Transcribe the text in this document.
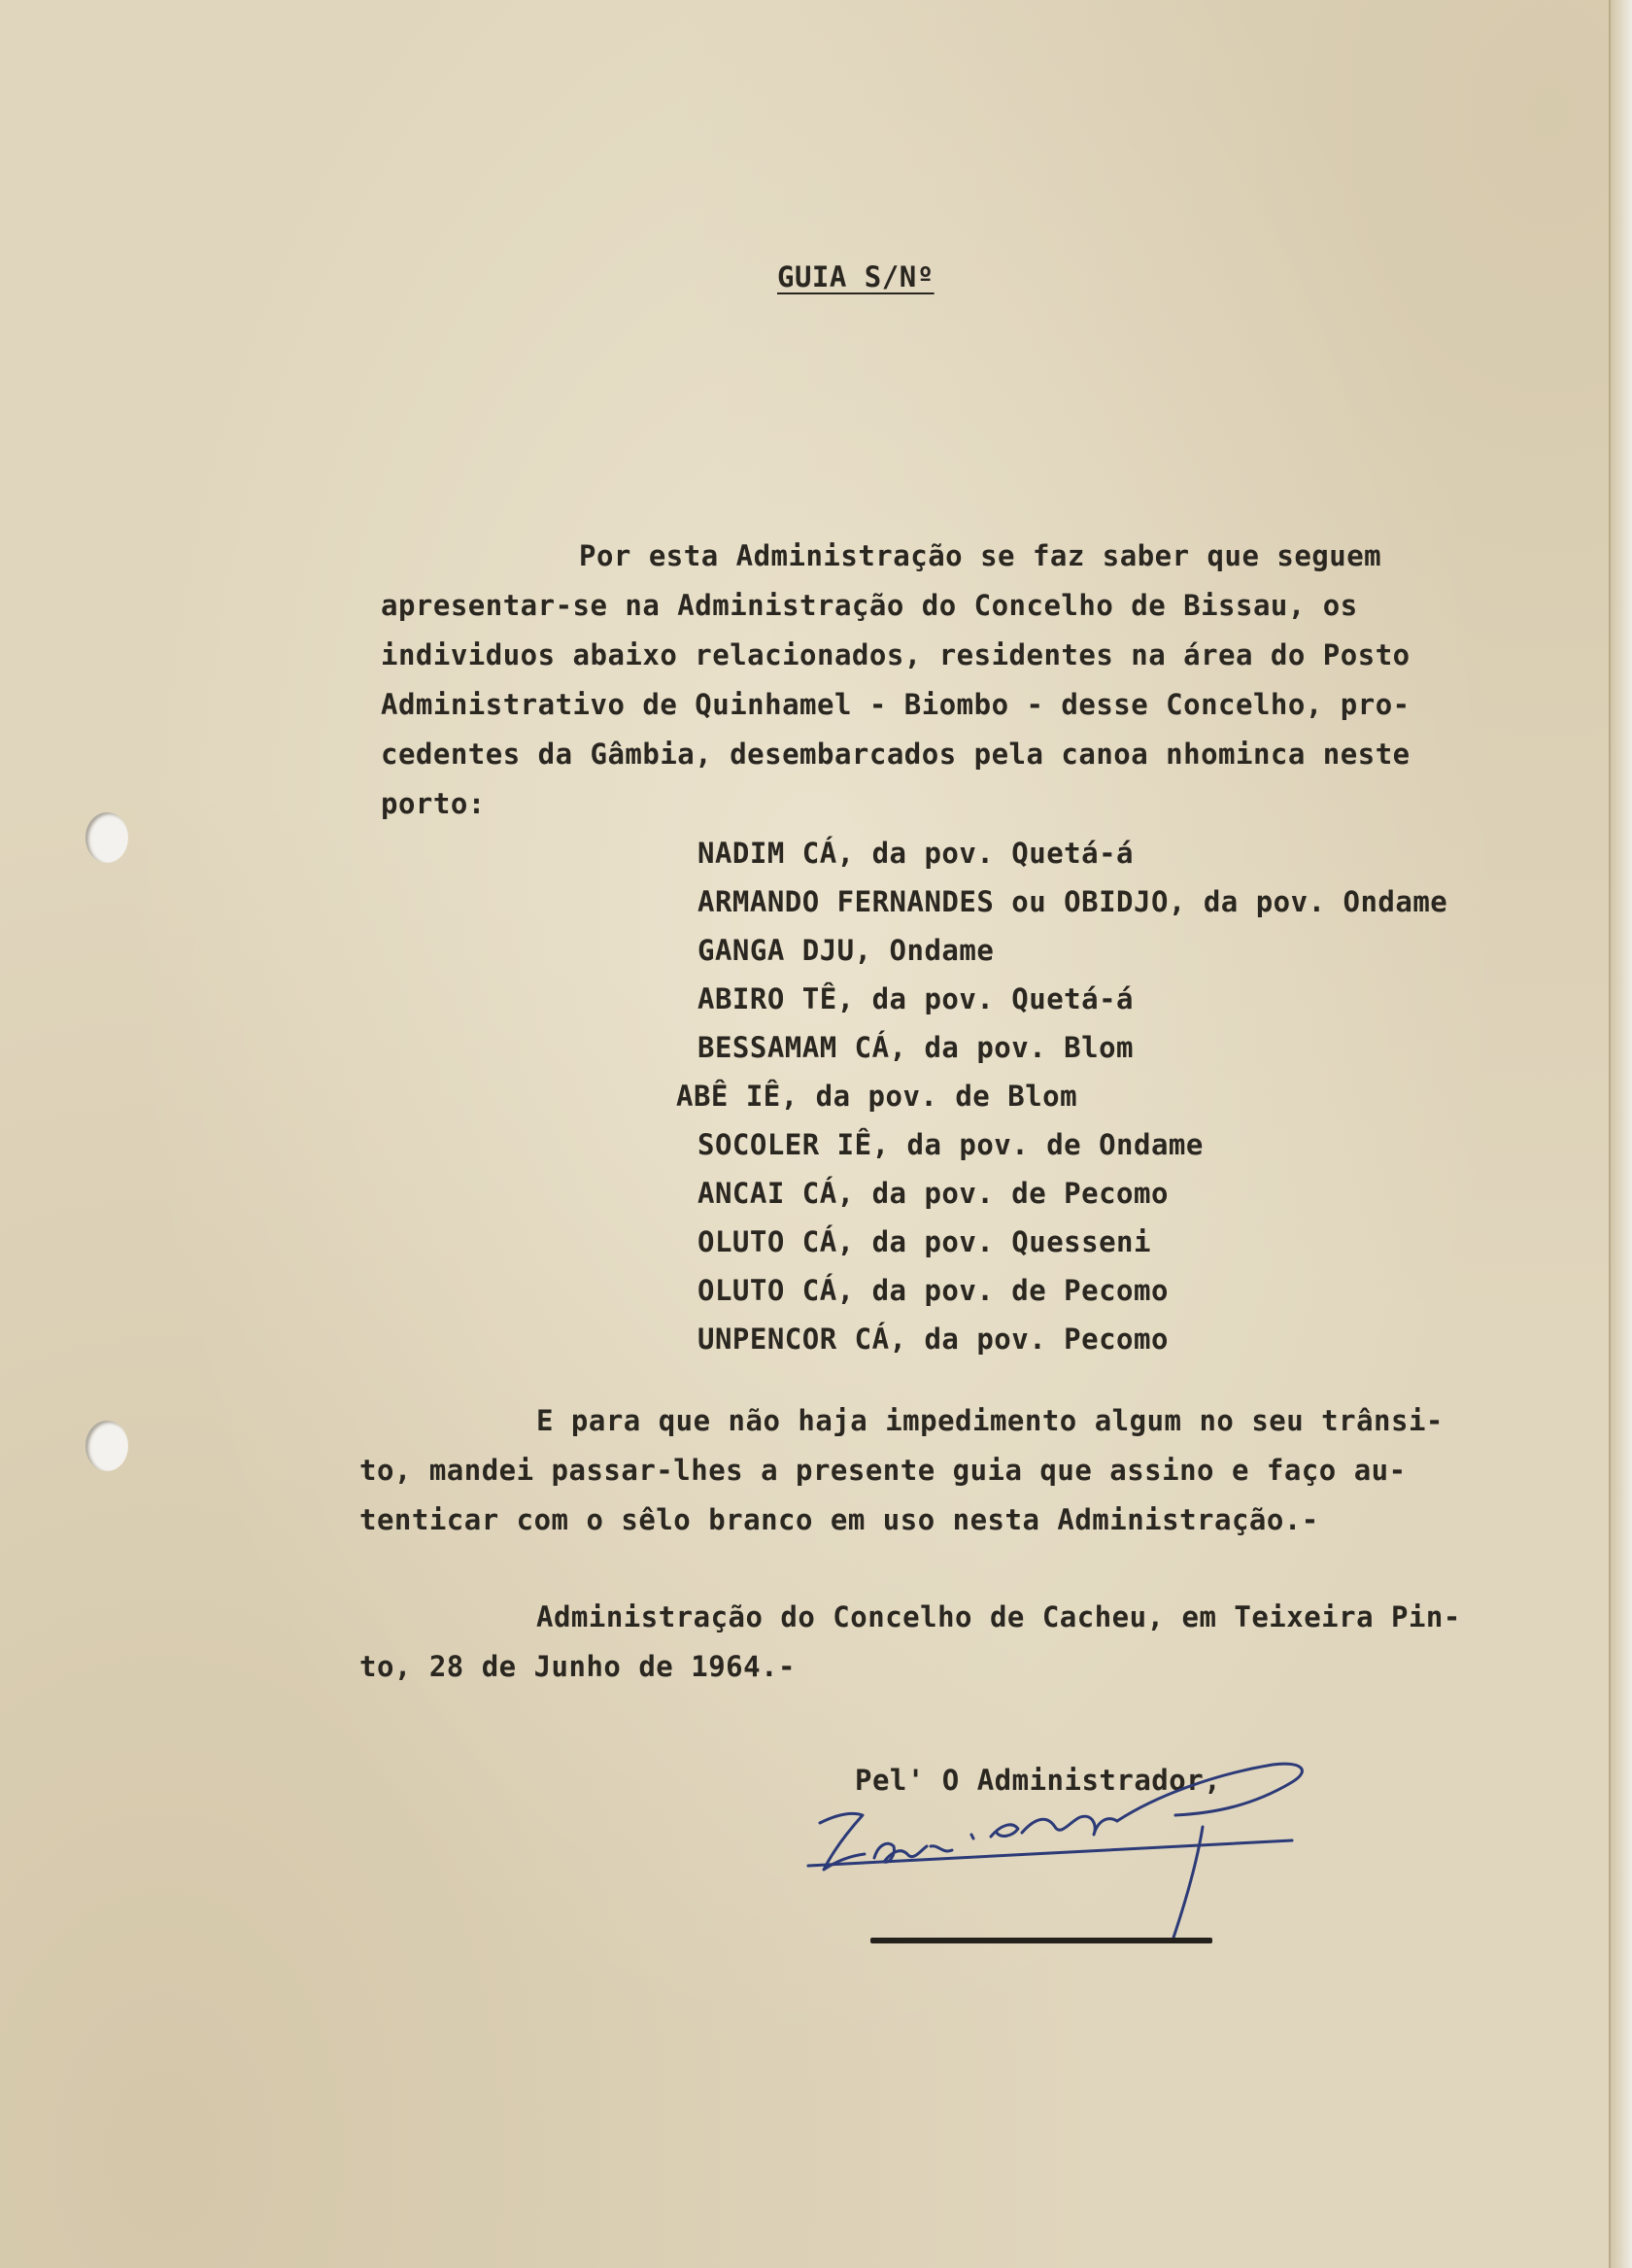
GUIA S/Nº
Por esta Administração se faz saber que seguem
apresentar-se na Administração do Concelho de Bissau, os
individuos abaixo relacionados, residentes na área do Posto
Administrativo de Quinhamel - Biombo - desse Concelho, pro-
cedentes da Gâmbia, desembarcados pela canoa nhominca neste
porto:
NADIM CÁ, da pov. Quetá-á
ARMANDO FERNANDES ou OBIDJO, da pov. Ondame
GANGA DJU, Ondame
ABIRO TÊ, da pov. Quetá-á
BESSAMAM CÁ, da pov. Blom
ABÊ IÊ, da pov. de Blom
SOCOLER IÊ, da pov. de Ondame
ANCAI CÁ, da pov. de Pecomo
OLUTO CÁ, da pov. Quesseni
OLUTO CÁ, da pov. de Pecomo
UNPENCOR CÁ, da pov. Pecomo
E para que não haja impedimento algum no seu trânsi-
to, mandei passar-lhes a presente guia que assino e faço au-
tenticar com o sêlo branco em uso nesta Administração.-
Administração do Concelho de Cacheu, em Teixeira Pin-
to, 28 de Junho de 1964.-
Pel' O Administrador,
